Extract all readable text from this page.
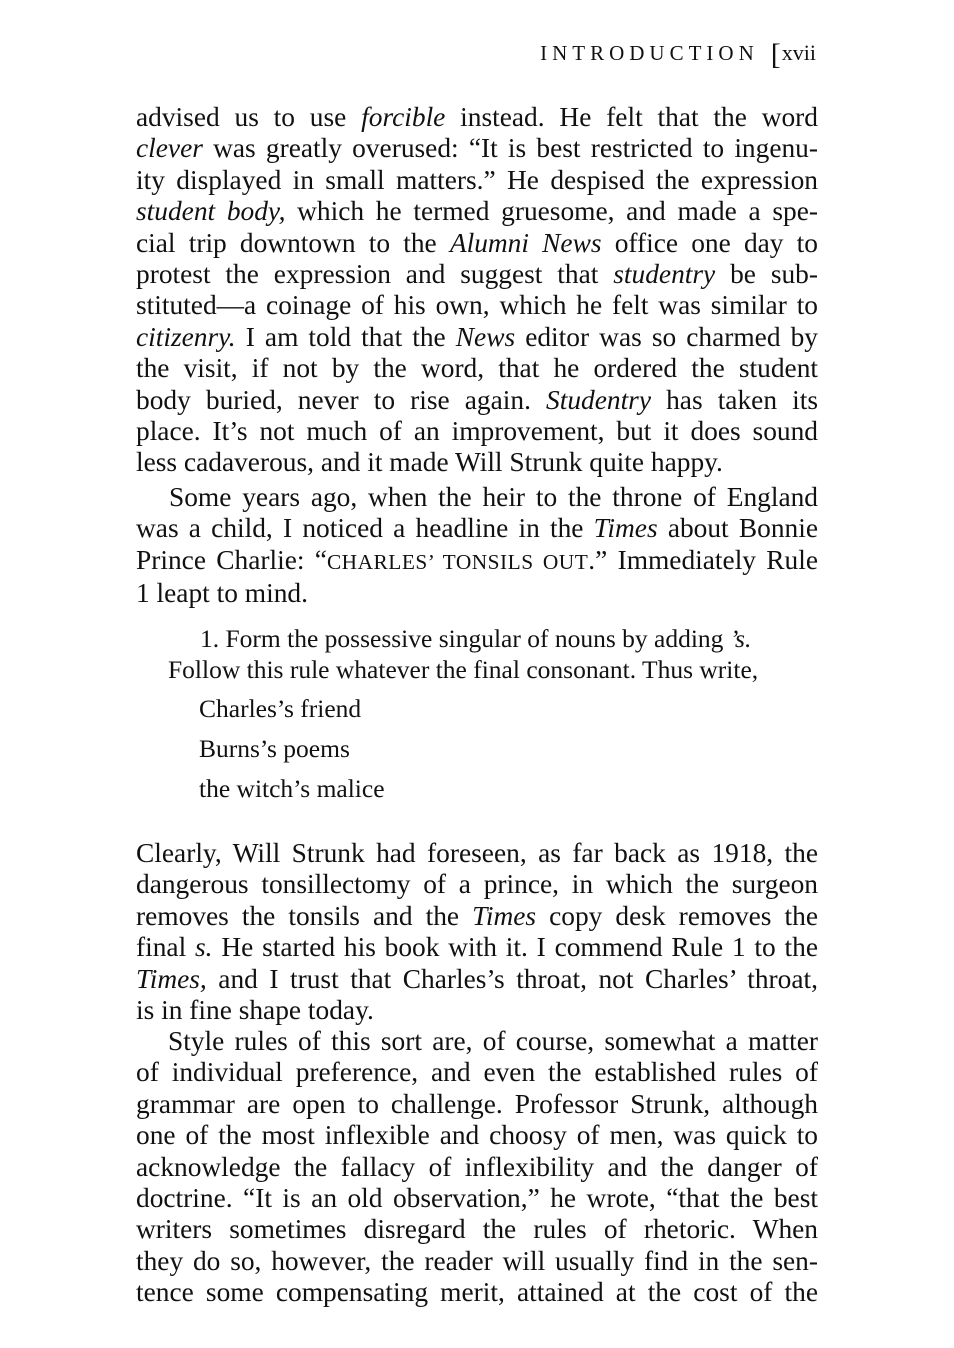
INTRODUCTION [xvii
advised us to use forcible instead. He felt that the word
clever was greatly overused: “It is best restricted to ingenu-
ity displayed in small matters.” He despised the expression
student body, which he termed gruesome, and made a spe-
cial trip downtown to the Alumni News office one day to
protest the expression and suggest that studentry be sub-
stituted—a coinage of his own, which he felt was similar to
citizenry. I am told that the News editor was so charmed by
the visit, if not by the word, that he ordered the student
body buried, never to rise again. Studentry has taken its
place. It’s not much of an improvement, but it does sound
less cadaverous, and it made Will Strunk quite happy.
Some years ago, when the heir to the throne of England
was a child, I noticed a headline in the Times about Bonnie
Prince Charlie: “CHARLES’ TONSILS OUT.” Immediately Rule
1 leapt to mind.
1. Form the possessive singular of nouns by adding ’s.
Follow this rule whatever the final consonant. Thus write,
Charles’s friend
Burns’s poems
the witch’s malice
Clearly, Will Strunk had foreseen, as far back as 1918, the
dangerous tonsillectomy of a prince, in which the surgeon
removes the tonsils and the Times copy desk removes the
final s. He started his book with it. I commend Rule 1 to the
Times, and I trust that Charles’s throat, not Charles’ throat,
is in fine shape today.
Style rules of this sort are, of course, somewhat a matter
of individual preference, and even the established rules of
grammar are open to challenge. Professor Strunk, although
one of the most inflexible and choosy of men, was quick to
acknowledge the fallacy of inflexibility and the danger of
doctrine. “It is an old observation,” he wrote, “that the best
writers sometimes disregard the rules of rhetoric. When
they do so, however, the reader will usually find in the sen-
tence some compensating merit, attained at the cost of the
